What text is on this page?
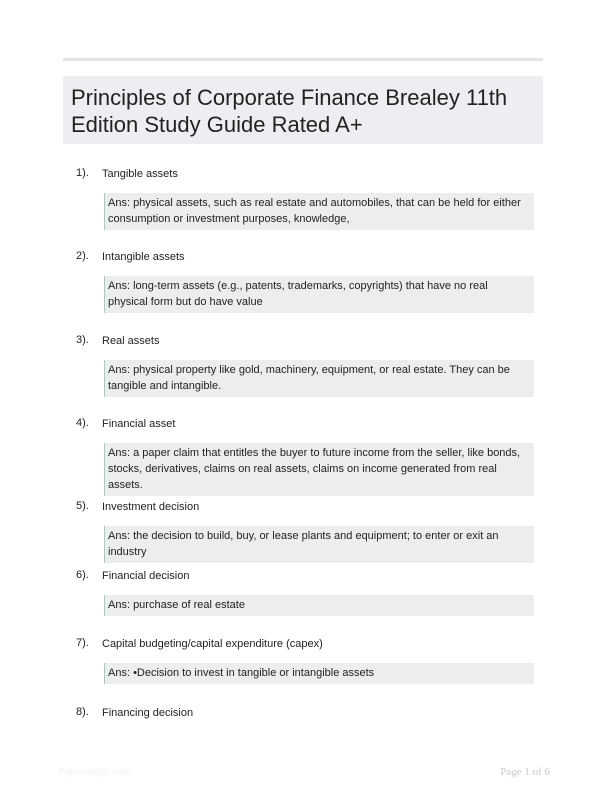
Principles of Corporate Finance Brealey 11th
Edition Study Guide Rated A+
1). Tangible assets
Ans: physical assets, such as real estate and automobiles, that can be held for either consumption or investment purposes, knowledge,
2). Intangible assets
Ans: long-term assets (e.g., patents, trademarks, copyrights) that have no real physical form but do have value
3). Real assets
Ans: physical property like gold, machinery, equipment, or real estate. They can be tangible and intangible.
4). Financial asset
Ans: a paper claim that entitles the buyer to future income from the seller, like bonds, stocks, derivatives, claims on real assets, claims on income generated from real assets.
5). Investment decision
Ans: the decision to build, buy, or lease plants and equipment; to enter or exit an industry
6). Financial decision
Ans: purchase of real estate
7). Capital budgeting/capital expenditure (capex)
Ans: •Decision to invest in tangible or intangible assets
8). Financing decision
Paperwtfpic.com	Page 1 of 6
